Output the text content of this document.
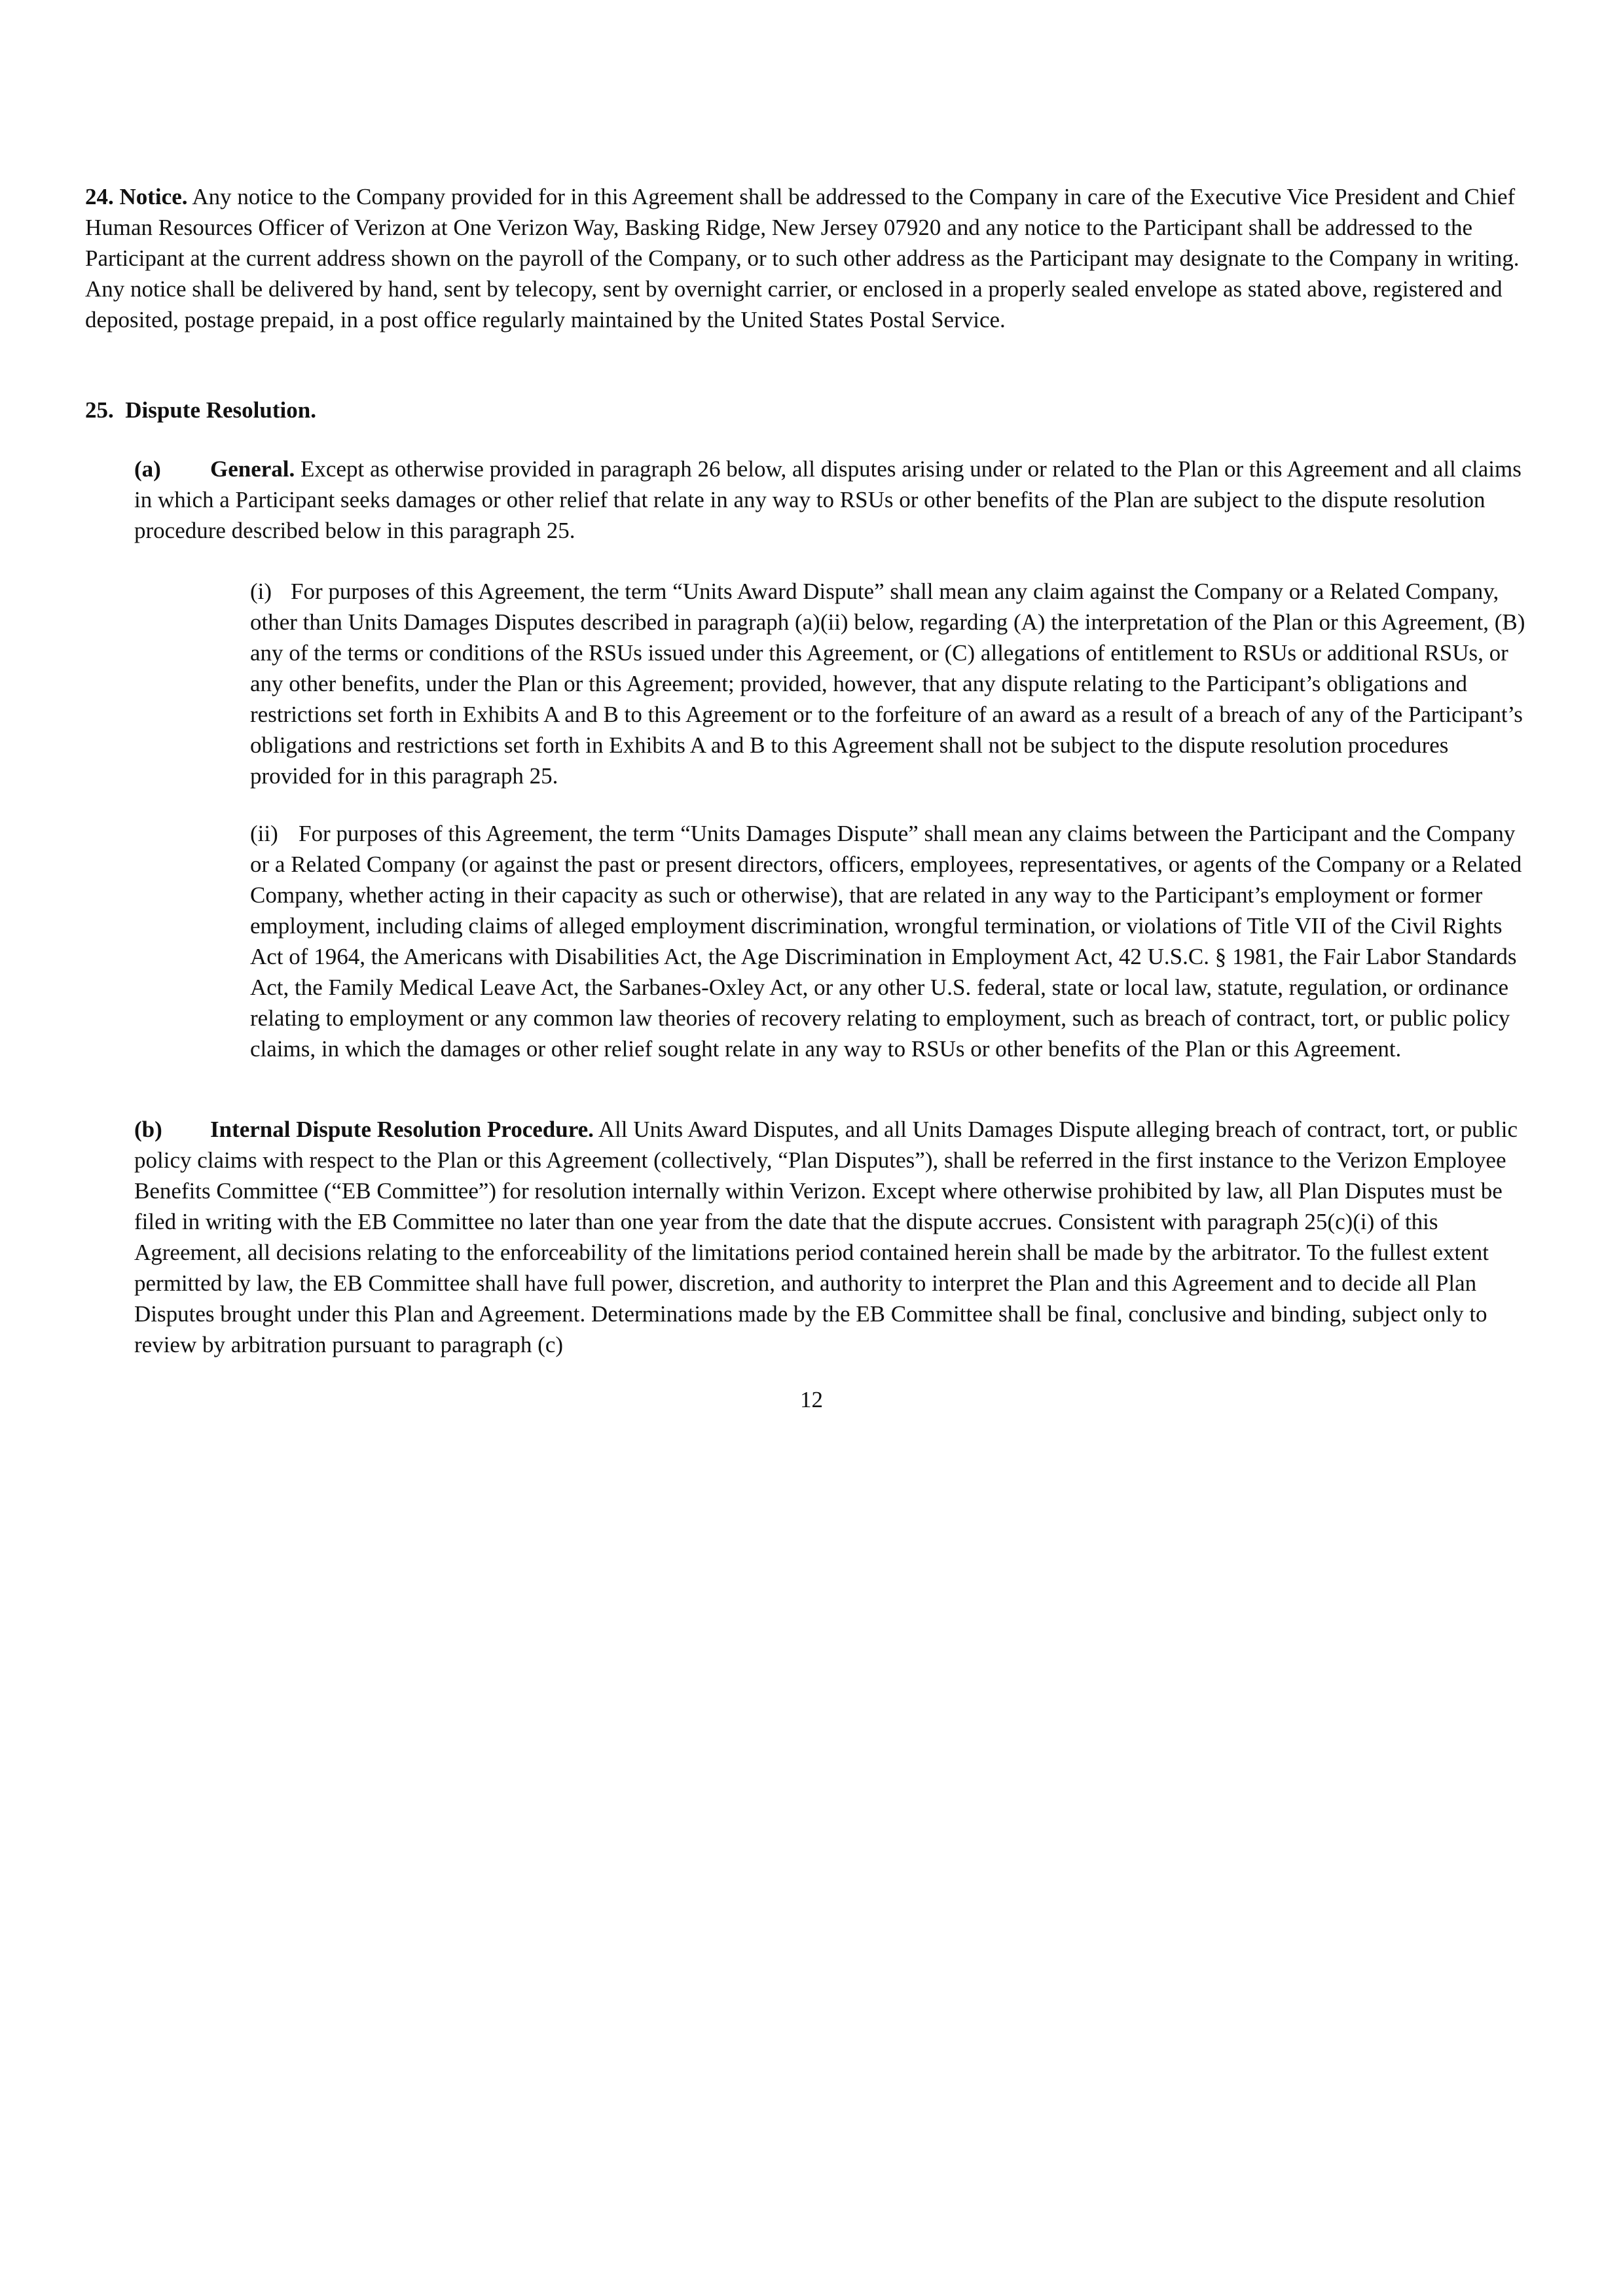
24. Notice. Any notice to the Company provided for in this Agreement shall be addressed to the Company in care of the Executive Vice President and Chief Human Resources Officer of Verizon at One Verizon Way, Basking Ridge, New Jersey 07920 and any notice to the Participant shall be addressed to the Participant at the current address shown on the payroll of the Company, or to such other address as the Participant may designate to the Company in writing. Any notice shall be delivered by hand, sent by telecopy, sent by overnight carrier, or enclosed in a properly sealed envelope as stated above, registered and deposited, postage prepaid, in a post office regularly maintained by the United States Postal Service.

25. Dispute Resolution.

(a) General. Except as otherwise provided in paragraph 26 below, all disputes arising under or related to the Plan or this Agreement and all claims in which a Participant seeks damages or other relief that relate in any way to RSUs or other benefits of the Plan are subject to the dispute resolution procedure described below in this paragraph 25.

(i) For purposes of this Agreement, the term “Units Award Dispute” shall mean any claim against the Company or a Related Company, other than Units Damages Disputes described in paragraph (a)(ii) below, regarding (A) the interpretation of the Plan or this Agreement, (B) any of the terms or conditions of the RSUs issued under this Agreement, or (C) allegations of entitlement to RSUs or additional RSUs, or any other benefits, under the Plan or this Agreement; provided, however, that any dispute relating to the Participant’s obligations and restrictions set forth in Exhibits A and B to this Agreement or to the forfeiture of an award as a result of a breach of any of the Participant’s obligations and restrictions set forth in Exhibits A and B to this Agreement shall not be subject to the dispute resolution procedures provided for in this paragraph 25.

(ii) For purposes of this Agreement, the term “Units Damages Dispute” shall mean any claims between the Participant and the Company or a Related Company (or against the past or present directors, officers, employees, representatives, or agents of the Company or a Related Company, whether acting in their capacity as such or otherwise), that are related in any way to the Participant’s employment or former employment, including claims of alleged employment discrimination, wrongful termination, or violations of Title VII of the Civil Rights Act of 1964, the Americans with Disabilities Act, the Age Discrimination in Employment Act, 42 U.S.C. § 1981, the Fair Labor Standards Act, the Family Medical Leave Act, the Sarbanes-Oxley Act, or any other U.S. federal, state or local law, statute, regulation, or ordinance relating to employment or any common law theories of recovery relating to employment, such as breach of contract, tort, or public policy claims, in which the damages or other relief sought relate in any way to RSUs or other benefits of the Plan or this Agreement.

(b) Internal Dispute Resolution Procedure. All Units Award Disputes, and all Units Damages Dispute alleging breach of contract, tort, or public policy claims with respect to the Plan or this Agreement (collectively, “Plan Disputes”), shall be referred in the first instance to the Verizon Employee Benefits Committee (“EB Committee”) for resolution internally within Verizon. Except where otherwise prohibited by law, all Plan Disputes must be filed in writing with the EB Committee no later than one year from the date that the dispute accrues. Consistent with paragraph 25(c)(i) of this Agreement, all decisions relating to the enforceability of the limitations period contained herein shall be made by the arbitrator. To the fullest extent permitted by law, the EB Committee shall have full power, discretion, and authority to interpret the Plan and this Agreement and to decide all Plan Disputes brought under this Plan and Agreement. Determinations made by the EB Committee shall be final, conclusive and binding, subject only to review by arbitration pursuant to paragraph (c)

12
